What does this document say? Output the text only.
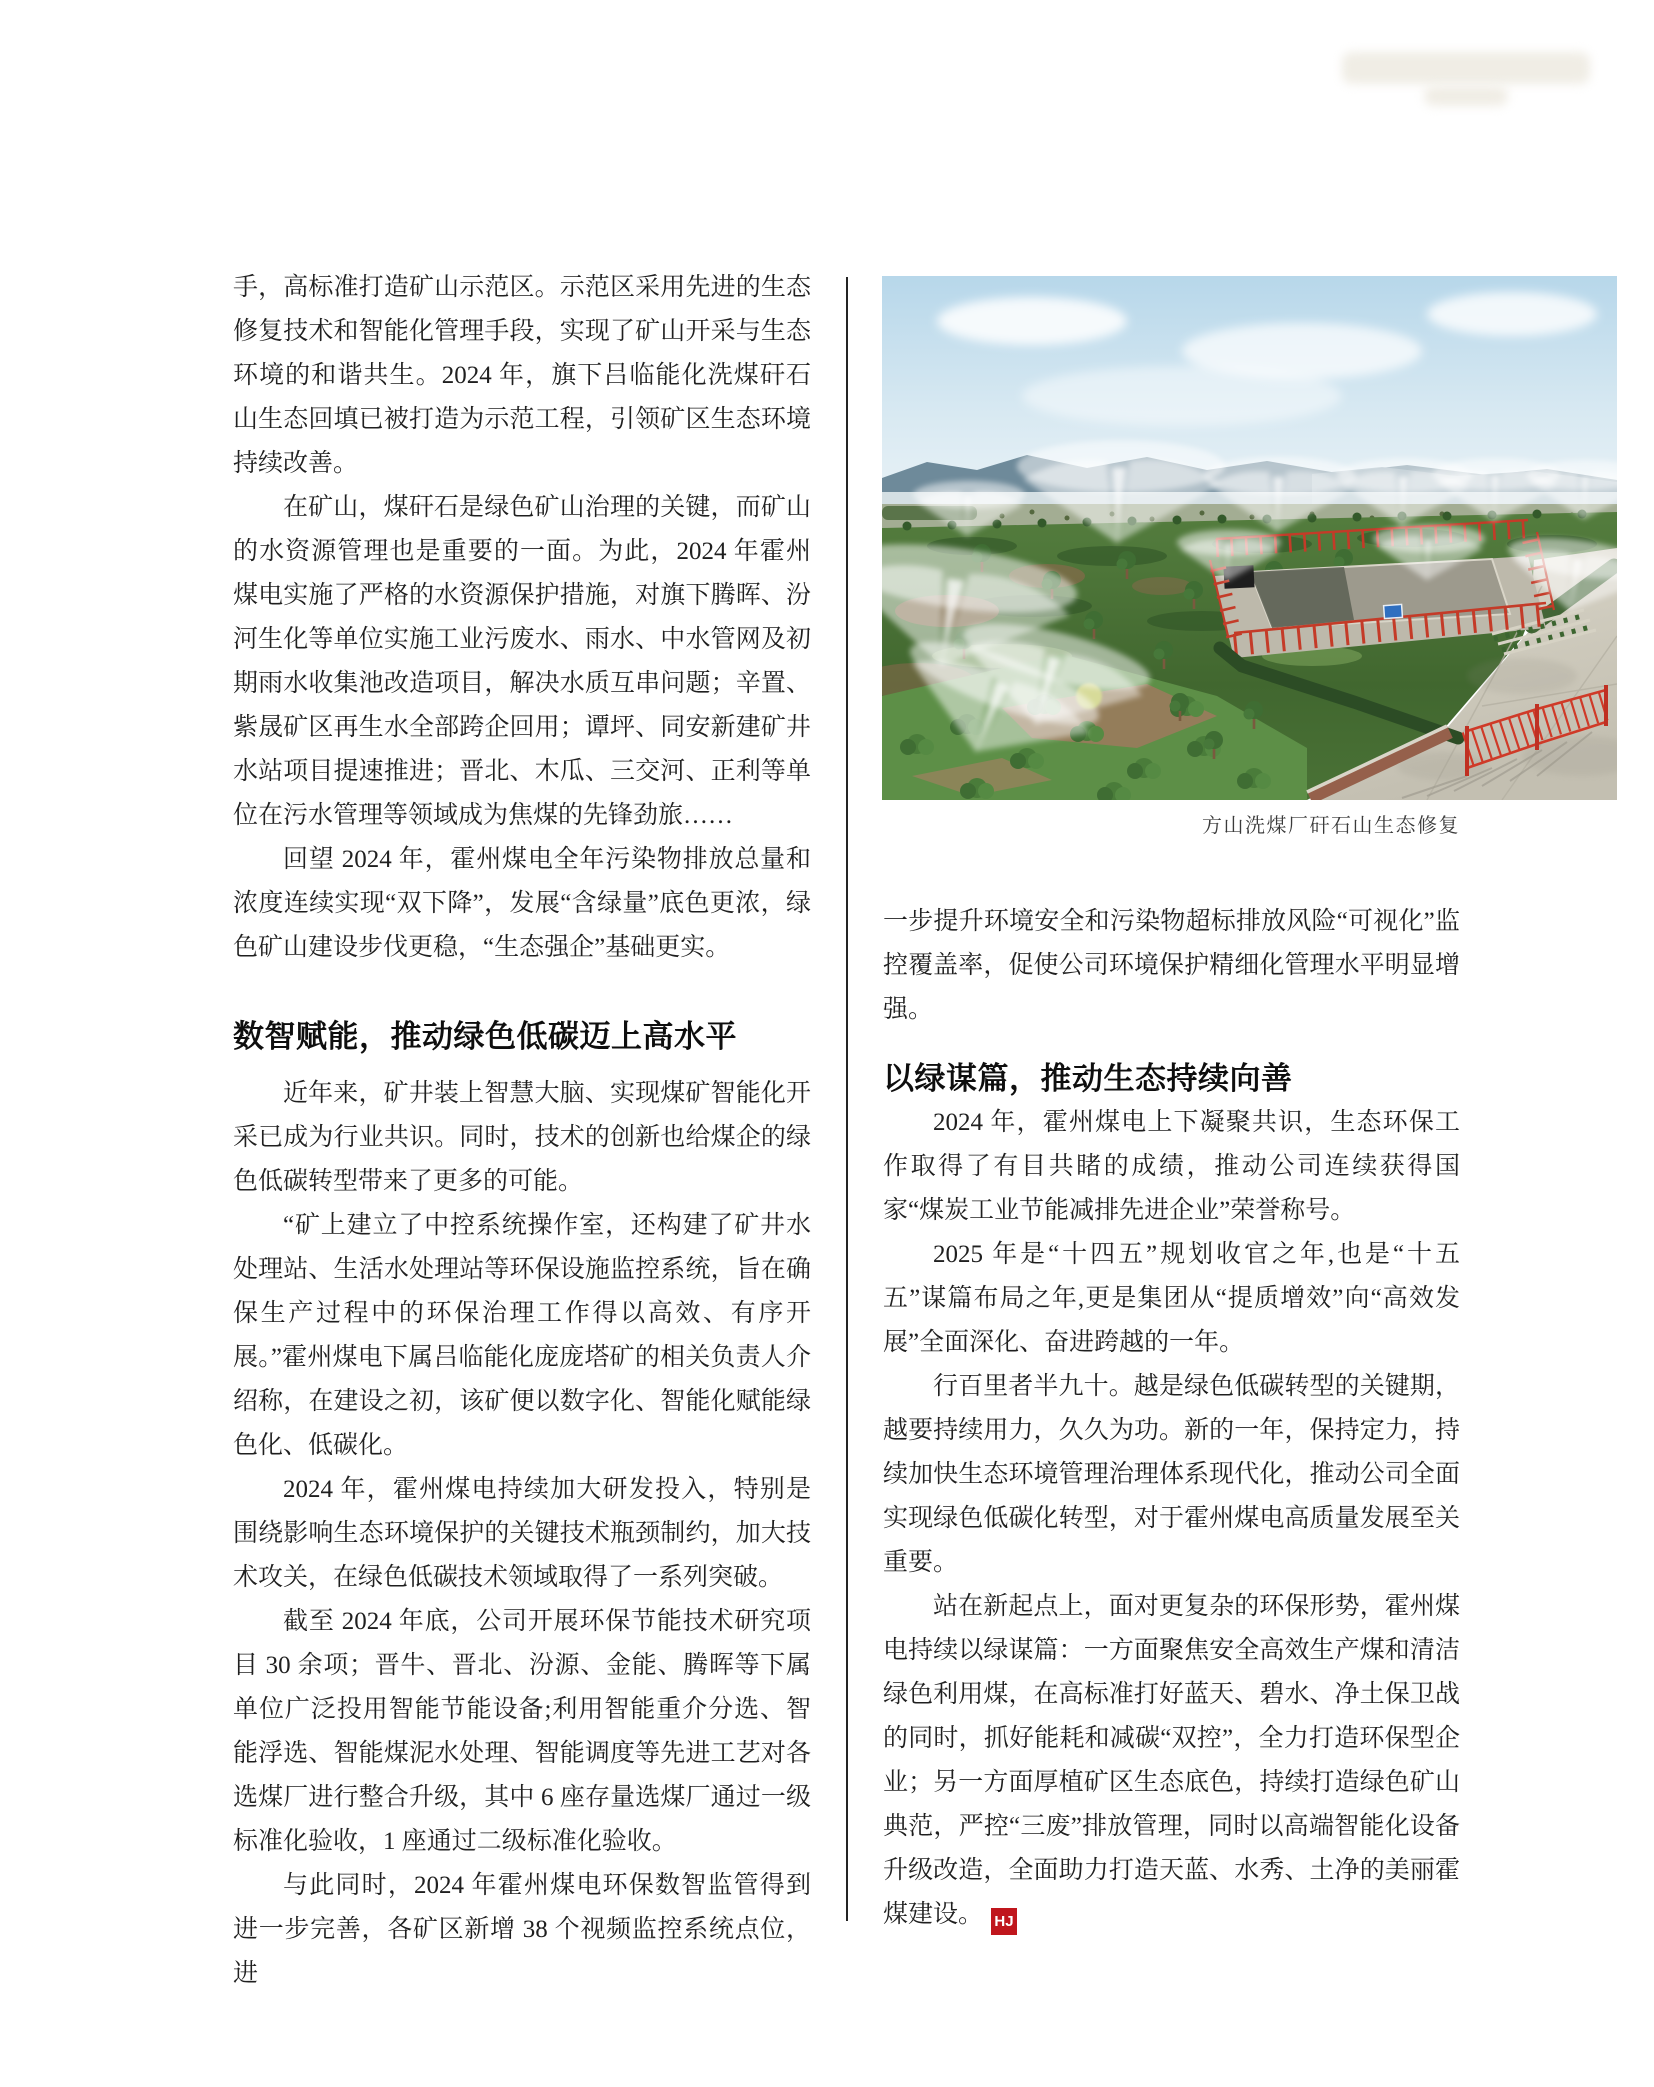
方山洗煤厂矸石山生态修复

手，高标准打造矿山示范区。示范区采用先进的生态修复技术和智能化管理手段，实现了矿山开采与生态环境的和谐共生。2024 年，旗下吕临能化洗煤矸石山生态回填已被打造为示范工程，引领矿区生态环境持续改善。

在矿山，煤矸石是绿色矿山治理的关键，而矿山的水资源管理也是重要的一面。为此，2024 年霍州煤电实施了严格的水资源保护措施，对旗下腾晖、汾河生化等单位实施工业污废水、雨水、中水管网及初期雨水收集池改造项目，解决水质互串问题；辛置、紫晟矿区再生水全部跨企回用；谭坪、同安新建矿井水站项目提速推进；晋北、木瓜、三交河、正利等单位在污水管理等领域成为焦煤的先锋劲旅……

回望 2024 年，霍州煤电全年污染物排放总量和浓度连续实现“双下降”，发展“含绿量”底色更浓，绿色矿山建设步伐更稳，“生态强企”基础更实。

数智赋能，推动绿色低碳迈上高水平

近年来，矿井装上智慧大脑、实现煤矿智能化开采已成为行业共识。同时，技术的创新也给煤企的绿色低碳转型带来了更多的可能。

“矿上建立了中控系统操作室，还构建了矿井水处理站、生活水处理站等环保设施监控系统，旨在确保生产过程中的环保治理工作得以高效、有序开展。”霍州煤电下属吕临能化庞庞塔矿的相关负责人介绍称，在建设之初，该矿便以数字化、智能化赋能绿色化、低碳化。

2024 年，霍州煤电持续加大研发投入，特别是围绕影响生态环境保护的关键技术瓶颈制约，加大技术攻关，在绿色低碳技术领域取得了一系列突破。

截至 2024 年底，公司开展环保节能技术研究项目 30 余项；晋牛、晋北、汾源、金能、腾晖等下属单位广泛投用智能节能设备;利用智能重介分选、智能浮选、智能煤泥水处理、智能调度等先进工艺对各选煤厂进行整合升级，其中 6 座存量选煤厂通过一级标准化验收，1 座通过二级标准化验收。

与此同时，2024 年霍州煤电环保数智监管得到进一步完善，各矿区新增 38 个视频监控系统点位，进

一步提升环境安全和污染物超标排放风险“可视化”监控覆盖率，促使公司环境保护精细化管理水平明显增强。

以绿谋篇，推动生态持续向善

2024 年，霍州煤电上下凝聚共识，生态环保工作取得了有目共睹的成绩，推动公司连续获得国家“煤炭工业节能减排先进企业”荣誉称号。

2025 年是“十四五”规划收官之年,也是“十五五”谋篇布局之年,更是集团从“提质增效”向“高效发展”全面深化、奋进跨越的一年。

行百里者半九十。越是绿色低碳转型的关键期，越要持续用力，久久为功。新的一年，保持定力，持续加快生态环境管理治理体系现代化，推动公司全面实现绿色低碳化转型，对于霍州煤电高质量发展至关重要。

站在新起点上，面对更复杂的环保形势，霍州煤电持续以绿谋篇：一方面聚焦安全高效生产煤和清洁绿色利用煤，在高标准打好蓝天、碧水、净土保卫战的同时，抓好能耗和减碳“双控”，全力打造环保型企业；另一方面厚植矿区生态底色，持续打造绿色矿山典范，严控“三废”排放管理，同时以高端智能化设备升级改造，全面助力打造天蓝、水秀、土净的美丽霍煤建设。 HJ
